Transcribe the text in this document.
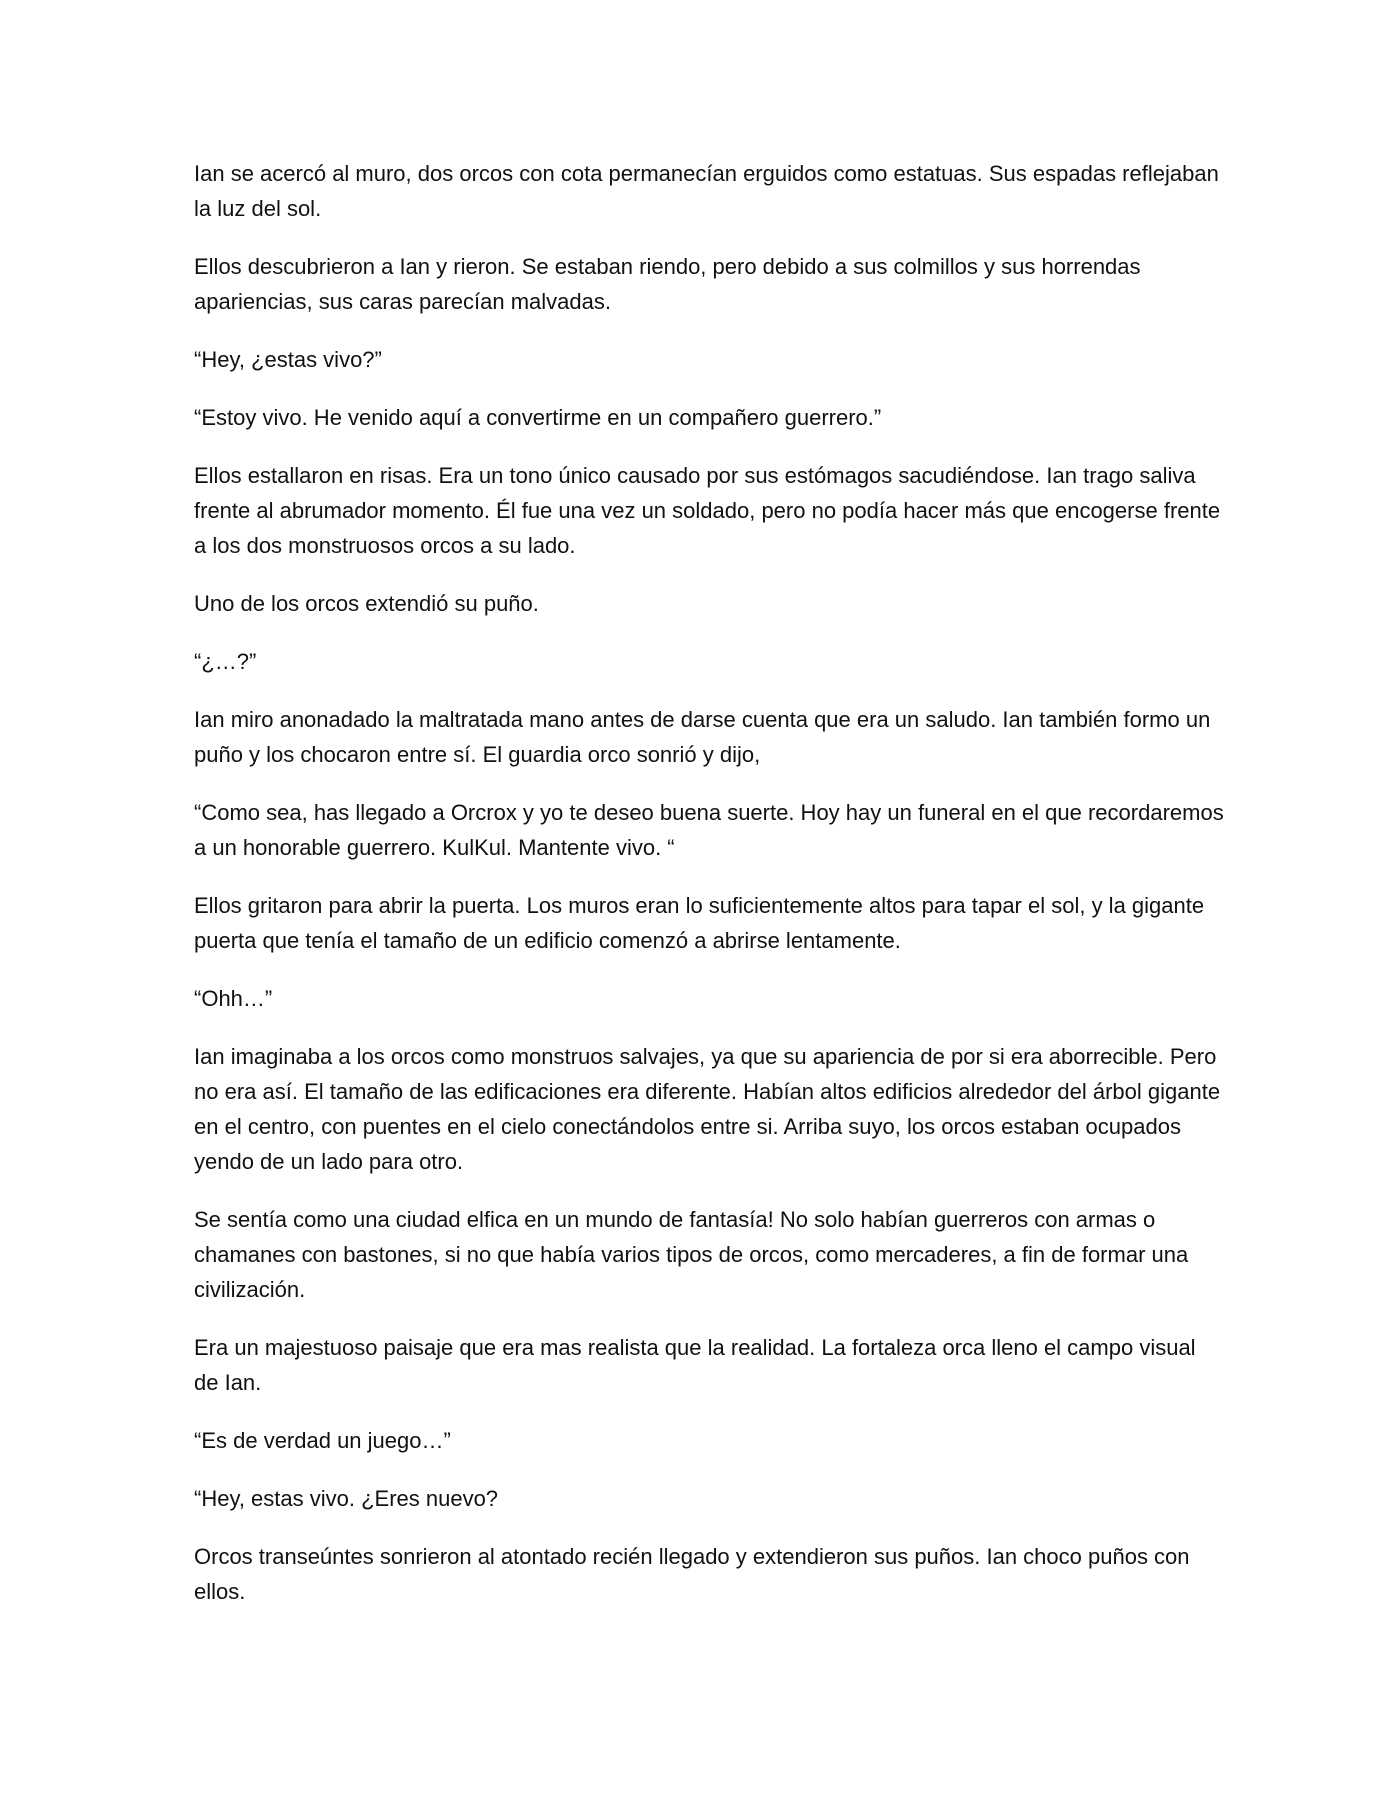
Ian se acercó al muro, dos orcos con cota permanecían erguidos como estatuas. Sus espadas reflejaban la luz del sol.

Ellos descubrieron a Ian y rieron. Se estaban riendo, pero debido a sus colmillos y sus horrendas apariencias, sus caras parecían malvadas.

“Hey, ¿estas vivo?”

“Estoy vivo. He venido aquí a convertirme en un compañero guerrero.”

Ellos estallaron en risas. Era un tono único causado por sus estómagos sacudiéndose. Ian trago saliva frente al abrumador momento. Él fue una vez un soldado, pero no podía hacer más que encogerse frente a los dos monstruosos orcos a su lado.

Uno de los orcos extendió su puño.

“¿…?”

Ian miro anonadado la maltratada mano antes de darse cuenta que era un saludo. Ian también formo un puño y los chocaron entre sí. El guardia orco sonrió y dijo,

“Como sea, has llegado a Orcrox y yo te deseo buena suerte. Hoy hay un funeral en el que recordaremos a un honorable guerrero. KulKul. Mantente vivo. “

Ellos gritaron para abrir la puerta. Los muros eran lo suficientemente altos para tapar el sol, y la gigante puerta que tenía el tamaño de un edificio comenzó a abrirse lentamente.

“Ohh…”

Ian imaginaba a los orcos como monstruos salvajes, ya que su apariencia de por si era aborrecible. Pero no era así. El tamaño de las edificaciones era diferente. Habían altos edificios alrededor del árbol gigante en el centro, con puentes en el cielo conectándolos entre si. Arriba suyo, los orcos estaban ocupados yendo de un lado para otro.

Se sentía como una ciudad elfica en un mundo de fantasía! No solo habían guerreros con armas o chamanes con bastones, si no que había varios tipos de orcos, como mercaderes, a fin de formar una civilización.

Era un majestuoso paisaje que era mas realista que la realidad. La fortaleza orca lleno el campo visual de Ian.

“Es de verdad un juego…”

“Hey, estas vivo. ¿Eres nuevo?

Orcos transeúntes sonrieron al atontado recién llegado y extendieron sus puños. Ian choco puños con ellos.
